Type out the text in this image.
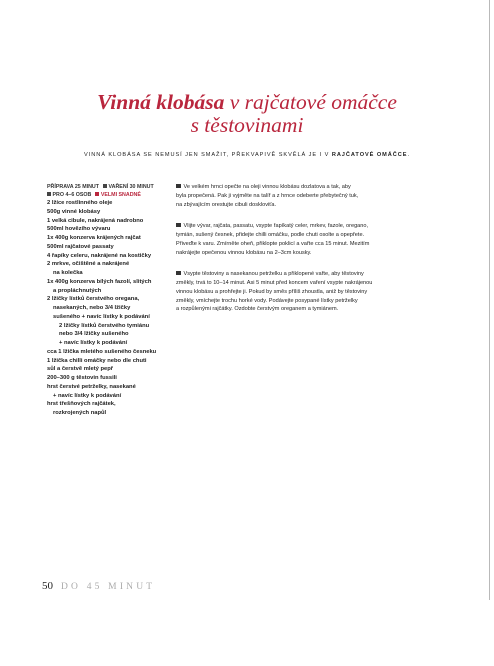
Vinná klobása v rajčatové omáčce
s těstovinami
VINNÁ KLOBÁSA SE NEMUSÍ JEN SMAŽIT, PŘEKVAPIVĚ SKVĚLÁ JE I V RAJČATOVÉ OMÁČCE.
PŘÍPRAVA 25 MINUT VAŘENÍ 30 MINUT
PRO 4–6 OSOB VELMI SNADNÉ
2 lžíce rostlinného oleje
500g vinné klobásy
1 velká cibule, nakrájená nadrobno
500ml hovězího vývaru
1x 400g konzerva krájených rajčat
500ml rajčatové passaty
4 řapíky celeru, nakrájené na kostičky
2 mrkve, očištěné a nakrájené
na kolečka
1x 400g konzerva bílých fazolí, slitých
a propláchnutých
2 lžičky lístků čerstvého oregana,
nasekaných, nebo 3/4 lžičky
sušeného + navíc lístky k podávání
2 lžičky lístků čerstvého tymiánu
nebo 3/4 lžičky sušeného
+ navíc lístky k podávání
cca 1 lžička mletého sušeného česneku
1 lžička chilli omáčky nebo dle chuti
sůl a čerstvě mletý pepř
200–300 g těstovin fussili
hrst čerstvé petrželky, nasekané
+ navíc lístky k podávání
hrst třešňových rajčátek,
rozkrojených napůl
Ve velkém hrnci opečte na oleji vinnou klobásu dozlatova a tak, aby
byla propečená. Pak ji vyjměte na talíř a z hrnce odeberte přebytečný tuk,
na zbývajícím orestujte cibuli doskloviťa.
Vlijte vývar, rajčata, passatu, vsypte řapíkatý celer, mrkev, fazole, oregano,
tymián, sušený česnek, přidejte chilli omáčku, podle chuti osolte a opepřete.
Přiveďte k varu. Zmírněte oheň, přiklopte poklicí a vařte cca 15 minut. Mezitím
nakrájejte opečenou vinnou klobásu na 2–3cm kousky.
Vsypte těstoviny a nasekanou petrželku a přiklopené vařte, aby těstoviny
změkly, trvá to 10–14 minut. Asi 5 minut před koncem vaření vsypte nakrájenou
vinnou klobásu a prohřejte ji. Pokud by směs příliš zhoustla, aniž by těstoviny
změkly, vmíchejte trochu horké vody. Podávejte posypané lístky petrželky
a rozpůlenými rajčátky. Ozdobte čerstvým oreganem a tymiánem.
50 DO 45 MINUT
